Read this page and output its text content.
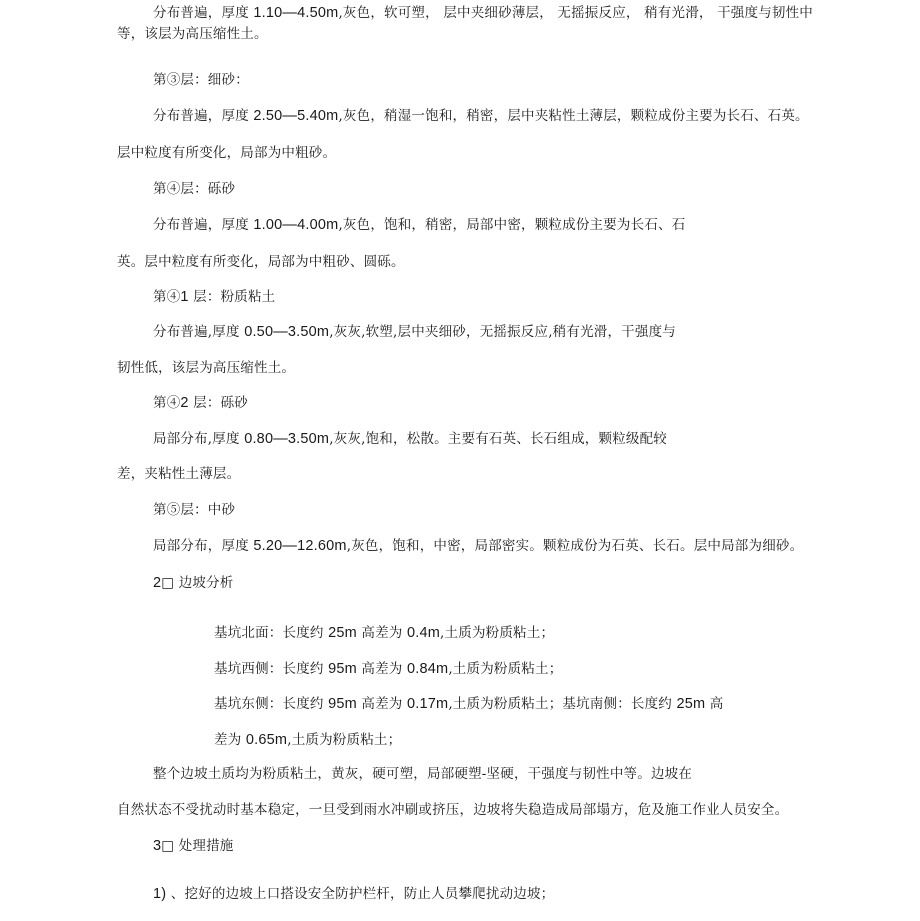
分布普遍，厚度 1.10—4.50m,灰色，软可塑， 层中夹细砂薄层， 无摇振反应， 稍有光滑， 干强度与韧性中
等，该层为高压缩性土。
第③层：细砂：
分布普遍，厚度 2.50—5.40m,灰色，稍湿一饱和，稍密，层中夹粘性土薄层，颗粒成份主要为长石、石英。
层中粒度有所变化，局部为中粗砂。
第④层：砾砂
分布普遍，厚度 1.00—4.00m,灰色，饱和，稍密，局部中密，颗粒成份主要为长石、石
英。层中粒度有所变化，局部为中粗砂、圆砾。
第④1 层：粉质粘土
分布普遍,厚度 0.50—3.50m,灰灰,软塑,层中夹细砂，无摇振反应,稍有光滑，干强度与
韧性低，该层为高压缩性土。
第④2 层：砾砂
局部分布,厚度 0.80—3.50m,灰灰,饱和，松散。主要有石英、长石组成，颗粒级配较
差，夹粘性土薄层。
第⑤层：中砂
局部分布，厚度 5.20—12.60m,灰色，饱和，中密，局部密实。颗粒成份为石英、长石。层中局部为细砂。
2□ 边坡分析
基坑北面：长度约 25m 高差为 0.4m,土质为粉质粘土；
基坑西侧：长度约 95m 高差为 0.84m,土质为粉质粘土；
基坑东侧：长度约 95m 高差为 0.17m,土质为粉质粘土；基坑南侧：长度约 25m 高
差为 0.65m,土质为粉质粘土；
整个边坡土质均为粉质粘土，黄灰，硬可塑，局部硬塑-坚硬，干强度与韧性中等。边坡在
自然状态不受扰动时基本稳定，一旦受到雨水冲刷或挤压，边坡将失稳造成局部塌方，危及施工作业人员安全。
3□ 处理措施
1) 、挖好的边坡上口搭设安全防护栏杆，防止人员攀爬扰动边坡；
